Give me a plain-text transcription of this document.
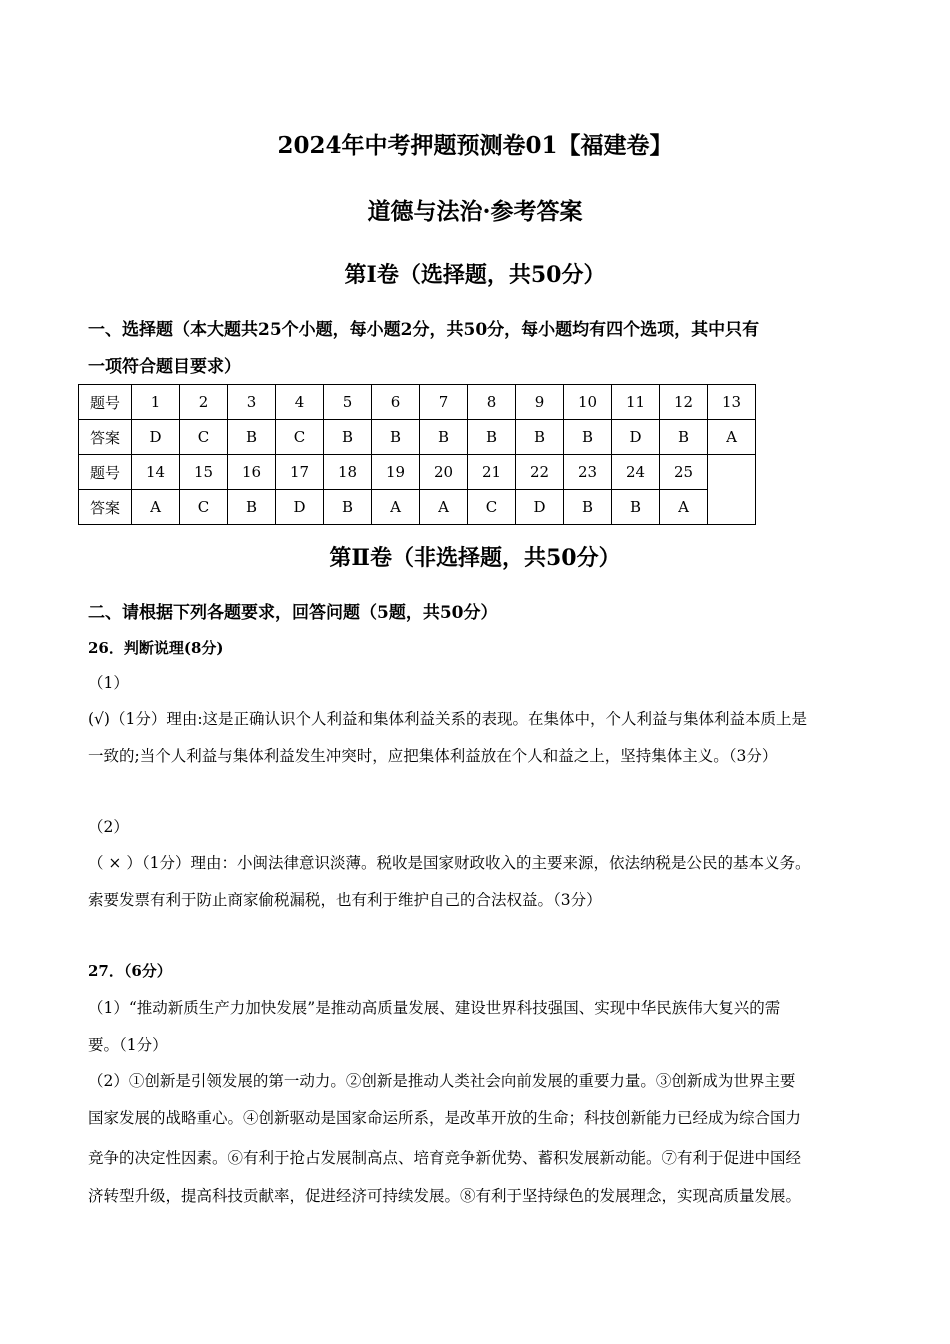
2024年中考押题预测卷01【福建卷】
道德与法治·参考答案
第Ⅰ卷（选择题，共50分）
一、选择题（本大题共25个小题，每小题2分，共50分，每小题均有四个选项，其中只有
一项符合题目要求）
题号	1	2	3	4	5	6	7	8	9	10	11	12	13
答案	D	C	B	C	B	B	B	B	B	B	D	B	A
题号	14	15	16	17	18	19	20	21	22	23	24	25	
答案	A	C	B	D	B	A	A	C	D	B	B	A	
第Ⅱ卷（非选择题，共50分）
二、请根据下列各题要求，回答问题（5题，共50分）
26．判断说理(8分)
（1）
(√)（1分）理由:这是正确认识个人利益和集体利益关系的表现。在集体中，个人利益与集体利益本质上是
一致的;当个人利益与集体利益发生冲突时，应把集体利益放在个人和益之上，坚持集体主义。（3分）
（2）
（ × ）（1分）理由：小闽法律意识淡薄。税收是国家财政收入的主要来源，依法纳税是公民的基本义务。
索要发票有利于防止商家偷税漏税，也有利于维护自己的合法权益。（3分）
27．（6分）
（1）“推动新质生产力加快发展”是推动高质量发展、建设世界科技强国、实现中华民族伟大复兴的需
要。（1分）
（2）①创新是引领发展的第一动力。②创新是推动人类社会向前发展的重要力量。③创新成为世界主要
国家发展的战略重心。④创新驱动是国家命运所系，是改革开放的生命；科技创新能力已经成为综合国力
竞争的决定性因素。⑥有利于抢占发展制高点、培育竞争新优势、蓄积发展新动能。⑦有利于促进中国经
济转型升级，提高科技贡献率，促进经济可持续发展。⑧有利于坚持绿色的发展理念，实现高质量发展。
